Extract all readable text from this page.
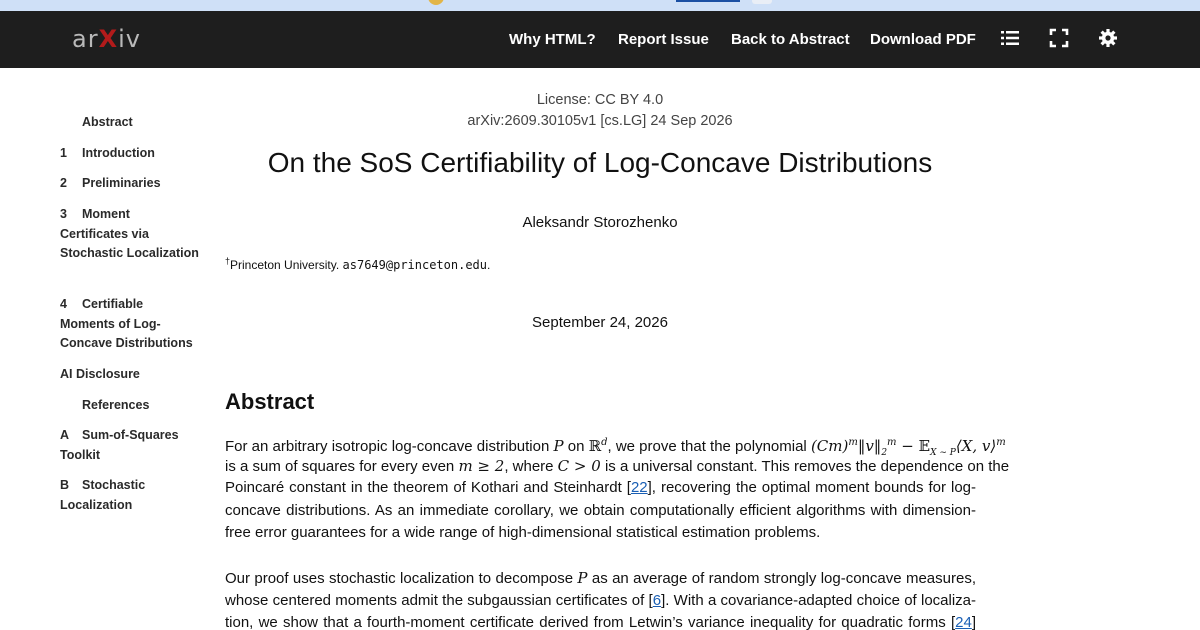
arXiv	Why HTML? Report Issue Back to Abstract Download PDF
Abstract
1 Introduction
2 Preliminaries
3 Moment Certificates via Stochastic Localization
4 Certifiable Moments of Log-Concave Distributions
AI Disclosure
References
A Sum-of-Squares Toolkit
B Stochastic Localization
License: CC BY 4.0
arXiv:2609.30105v1 [cs.LG] 24 Sep 2026
On the SoS Certifiability of Log-Concave Distributions
Aleksandr Storozhenko
†Princeton University. as7649@princeton.edu.
September 24, 2026
Abstract
For an arbitrary isotropic log-concave distribution P on ℝ$^d$, we prove that the polynomial $(Cm)^m‖v‖_2^m$ − 𝔼$_{X \sim P}$⟨X, v⟩$^m$
is a sum of squares for every even m ≥ 2, where C > 0 is a universal constant. This removes the dependence on the
Poincaré constant in the theorem of Kothari and Steinhardt [22], recovering the optimal moment bounds for log-
concave distributions. As an immediate corollary, we obtain computationally efficient algorithms with dimension-
free error guarantees for a wide range of high-dimensional statistical estimation problems.
Our proof uses stochastic localization to decompose P as an average of random strongly log-concave measures,
whose centered moments admit the subgaussian certificates of [6]. With a covariance-adapted choice of localiza-
tion, we show that a fourth-moment certificate derived from Letwin’s variance inequality for quadratic forms [24]
